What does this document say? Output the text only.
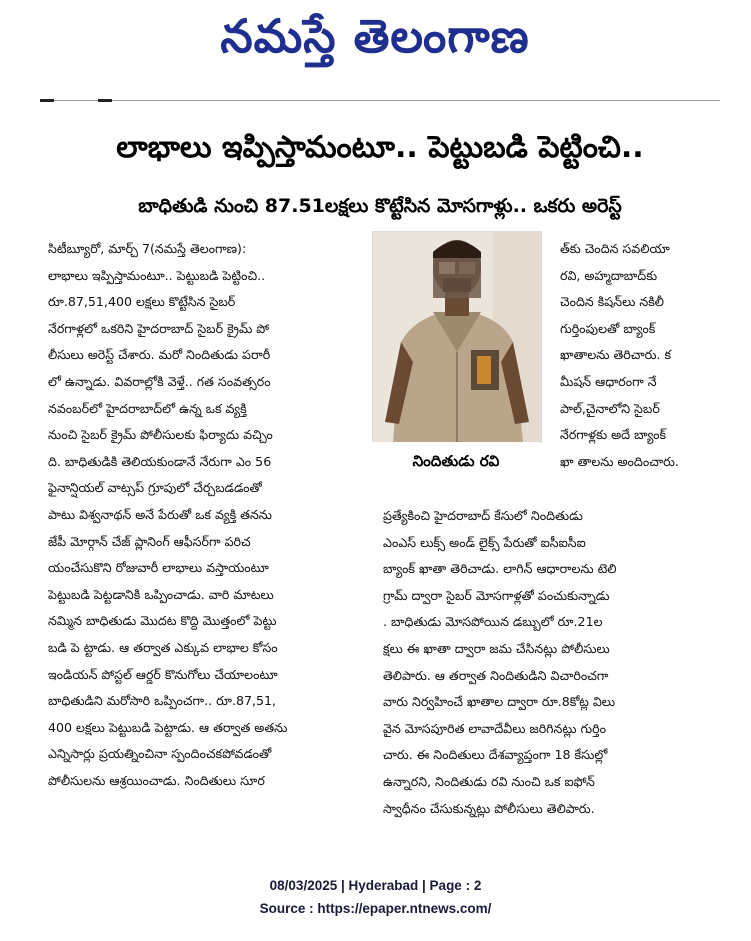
నమస్తే తెలంగాణ
లాభాలు ఇప్పిస్తామంటూ.. పెట్టుబడి పెట్టించి..
బాధితుడి నుంచి 87.51లక్షలు కొట్టేసిన మోసగాళ్లు.. ఒకరు అరెస్ట్

సిటీబ్యూరో, మార్చ్ 7(నమస్తే తెలంగాణ):

లాభాలు ఇప్పిస్తామంటూ.. పెట్టుబడి పెట్టించి..

రూ.87,51,400 లక్షలు కొట్టేసిన సైబర్

నేరగాళ్లలో ఒకరిని హైదరాబాద్ సైబర్ క్రైమ్ పో

లీసులు అరెస్ట్ చేశారు. మరో నిందితుడు పరారీ

లో ఉన్నాడు. వివరాల్లోకి వెళ్తే.. గత సంవత్సరం

నవంబర్‌లో హైదరాబాద్‌లో ఉన్న ఒక వ్యక్తి

నుంచి సైబర్ క్రైమ్ పోలీసులకు ఫిర్యాదు వచ్చిం

ది. బాధితుడికి తెలియకుండానే నేరుగా ఎం 56

ఫైనాన్షియల్ వాట్సప్ గ్రూపులో చేర్చబడడంతో

పాటు విశ్వనాథన్ అనే పేరుతో ఒక వ్యక్తి తనను

జేపీ మోర్గాన్ చేజ్ ప్లానింగ్ ఆఫీసర్‌గా పరిచ

యంచేసుకొని రోజువారీ లాభాలు వస్తాయంటూ

పెట్టుబడి పెట్టడానికి ఒప్పించాడు. వారి మాటలు

నమ్మిన బాధితుడు మొదట కొద్ది మొత్తంలో పెట్టు

బడి పె ట్టాడు. ఆ తర్వాత ఎక్కువ లాభాల కోసం

ఇండియన్ పోస్టల్ ఆర్డర్ కొనుగోలు చేయాలంటూ

బాధితుడిని మరోసారి ఒప్పించగా.. రూ.87,51,

400 లక్షలు పెట్టుబడి పెట్టాడు. ఆ తర్వాత అతను

ఎన్నిసార్లు ప్రయత్నించినా స్పందించకపోవడంతో

పోలీసులను ఆశ్రయించాడు. నిందితులు సూర

నిందితుడు రవి

త్‌కు చెందిన సవలియా

రవి, అహ్మదాబాద్‌కు

చెందిన కిషన్‌లు నకిలీ

గుర్తింపులతో బ్యాంక్

ఖాతాలను తెరిచారు. క

మీషన్ ఆధారంగా నే

పాల్,చైనాలోని సైబర్

నేరగాళ్లకు అదే బ్యాంక్

ఖా తాలను అందించారు.

ప్రత్యేకించి హైదరాబాద్ కేసులో నిందితుడు

ఎంఎస్ లుక్స్ అండ్ లైక్స్ పేరుతో ఐసీఐసీఐ

బ్యాంక్ ఖాతా తెరిచాడు. లాగిన్ ఆధారాలను టెలి

గ్రామ్ ద్వారా సైబర్ మోసగాళ్లతో పంచుకున్నాడు

. బాధితుడు మోసపోయిన డబ్బులో రూ.21ల

క్షలు ఈ ఖాతా ద్వారా జమ చేసినట్లు పోలీసులు

తెలిపారు. ఆ తర్వాత నిందితుడిని విచారించగా

వారు నిర్వహించే ఖాతాల ద్వారా రూ.8కోట్ల విలు

వైన మోసపూరిత లావాదేవీలు జరిగినట్లు గుర్తిం

చారు. ఈ నిందితులు దేశవ్యాప్తంగా 18 కేసుల్లో

ఉన్నారని, నిందితుడు రవి నుంచి ఒక ఐఫోన్

స్వాధీనం చేసుకున్నట్లు పోలీసులు తెలిపారు.

08/03/2025 | Hyderabad | Page : 2
Source : https://epaper.ntnews.com/
